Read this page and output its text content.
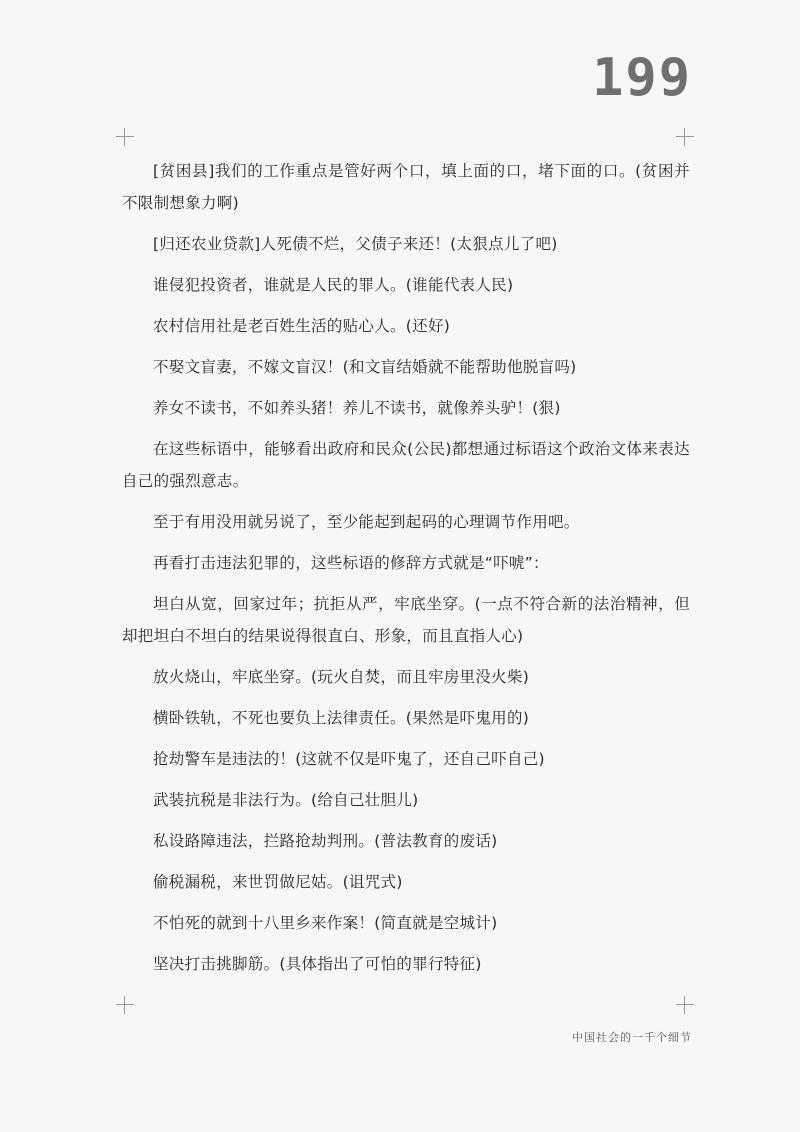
199

[贫困县]我们的工作重点是管好两个口，填上面的口，堵下面的口。(贫困并不限制想象力啊)

[归还农业贷款]人死债不烂，父债子来还！(太狠点儿了吧)

谁侵犯投资者，谁就是人民的罪人。(谁能代表人民)

农村信用社是老百姓生活的贴心人。(还好)

不娶文盲妻，不嫁文盲汉！(和文盲结婚就不能帮助他脱盲吗)

养女不读书，不如养头猪！养儿不读书，就像养头驴！(狠)

在这些标语中，能够看出政府和民众(公民)都想通过标语这个政治文体来表达自己的强烈意志。

至于有用没用就另说了，至少能起到起码的心理调节作用吧。

再看打击违法犯罪的，这些标语的修辞方式就是“吓唬”：

坦白从宽，回家过年；抗拒从严，牢底坐穿。(一点不符合新的法治精神，但却把坦白不坦白的结果说得很直白、形象，而且直指人心)

放火烧山，牢底坐穿。(玩火自焚，而且牢房里没火柴)

横卧铁轨，不死也要负上法律责任。(果然是吓鬼用的)

抢劫警车是违法的！(这就不仅是吓鬼了，还自己吓自己)

武装抗税是非法行为。(给自己壮胆儿)

私设路障违法，拦路抢劫判刑。(普法教育的废话)

偷税漏税，来世罚做尼姑。(诅咒式)

不怕死的就到十八里乡来作案！(简直就是空城计)

坚决打击挑脚筋。(具体指出了可怕的罪行特征)

中国社会的一千个细节
